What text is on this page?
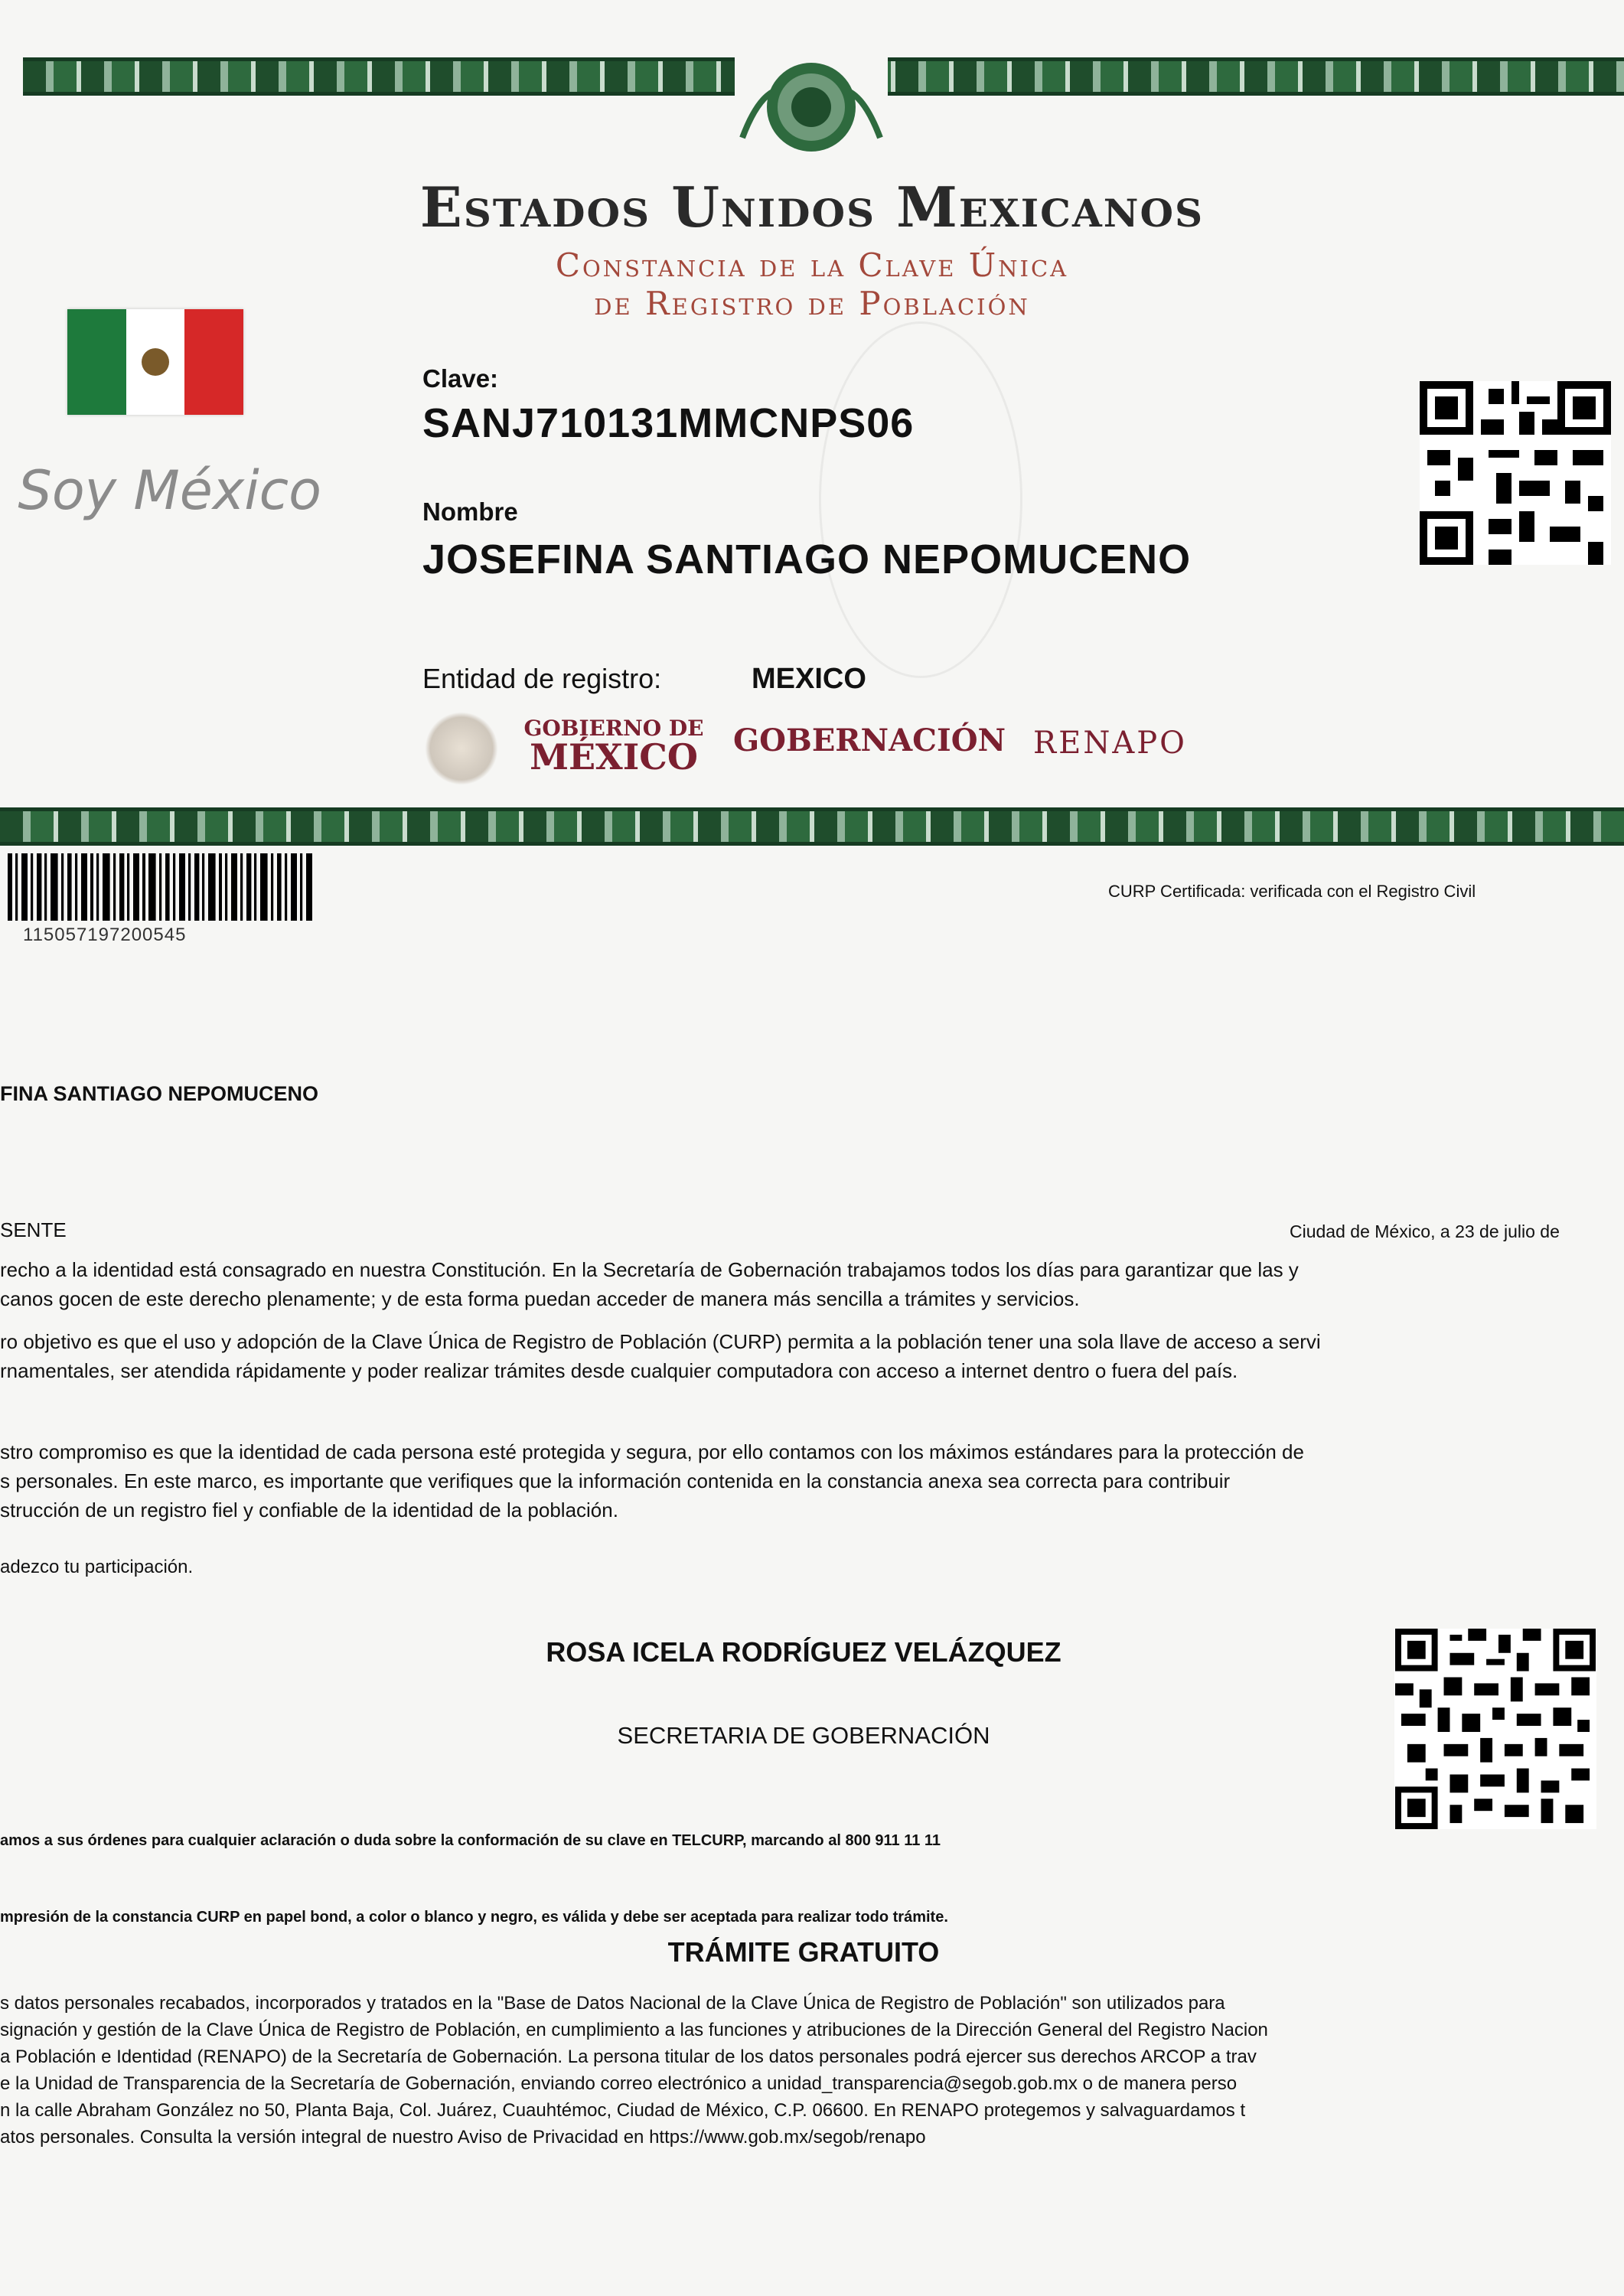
Estados Unidos Mexicanos
Constancia de la Clave Única
de Registro de Población
Soy México
Clave:
SANJ710131MMCNPS06
Nombre
JOSEFINA SANTIAGO NEPOMUCENO
Entidad de registro:	MEXICO
GOBIERNO DE
MÉXICO	GOBERNACIÓN RENAPO
115057197200545
CURP Certificada: verificada con el Registro Civil
FINA SANTIAGO NEPOMUCENO
SENTE	Ciudad de México, a 23 de julio de
recho a la identidad está consagrado en nuestra Constitución. En la Secretaría de Gobernación trabajamos todos los días para garantizar que las y
canos gocen de este derecho plenamente; y de esta forma puedan acceder de manera más sencilla a trámites y servicios.
ro objetivo es que el uso y adopción de la Clave Única de Registro de Población (CURP) permita a la población tener una sola llave de acceso a servi
rnamentales, ser atendida rápidamente y poder realizar trámites desde cualquier computadora con acceso a internet dentro o fuera del país.
stro compromiso es que la identidad de cada persona esté protegida y segura, por ello contamos con los máximos estándares para la protección de
s personales. En este marco, es importante que verifiques que la información contenida en la constancia anexa sea correcta para contribuir
strucción de un registro fiel y confiable de la identidad de la población.
adezco tu participación.
ROSA ICELA RODRÍGUEZ VELÁZQUEZ
SECRETARIA DE GOBERNACIÓN
amos a sus órdenes para cualquier aclaración o duda sobre la conformación de su clave en TELCURP, marcando al 800 911 11 11
mpresión de la constancia CURP en papel bond, a color o blanco y negro, es válida y debe ser aceptada para realizar todo trámite.
TRÁMITE GRATUITO
s datos personales recabados, incorporados y tratados en la "Base de Datos Nacional de la Clave Única de Registro de Población" son utilizados para
signación y gestión de la Clave Única de Registro de Población, en cumplimiento a las funciones y atribuciones de la Dirección General del Registro Nacion
a Población e Identidad (RENAPO) de la Secretaría de Gobernación. La persona titular de los datos personales podrá ejercer sus derechos ARCOP a trav
e la Unidad de Transparencia de la Secretaría de Gobernación, enviando correo electrónico a unidad_transparencia@segob.gob.mx o de manera perso
n la calle Abraham González no 50, Planta Baja, Col. Juárez, Cuauhtémoc, Ciudad de México, C.P. 06600. En RENAPO protegemos y salvaguardamos t
atos personales. Consulta la versión integral de nuestro Aviso de Privacidad en https://www.gob.mx/segob/renapo
